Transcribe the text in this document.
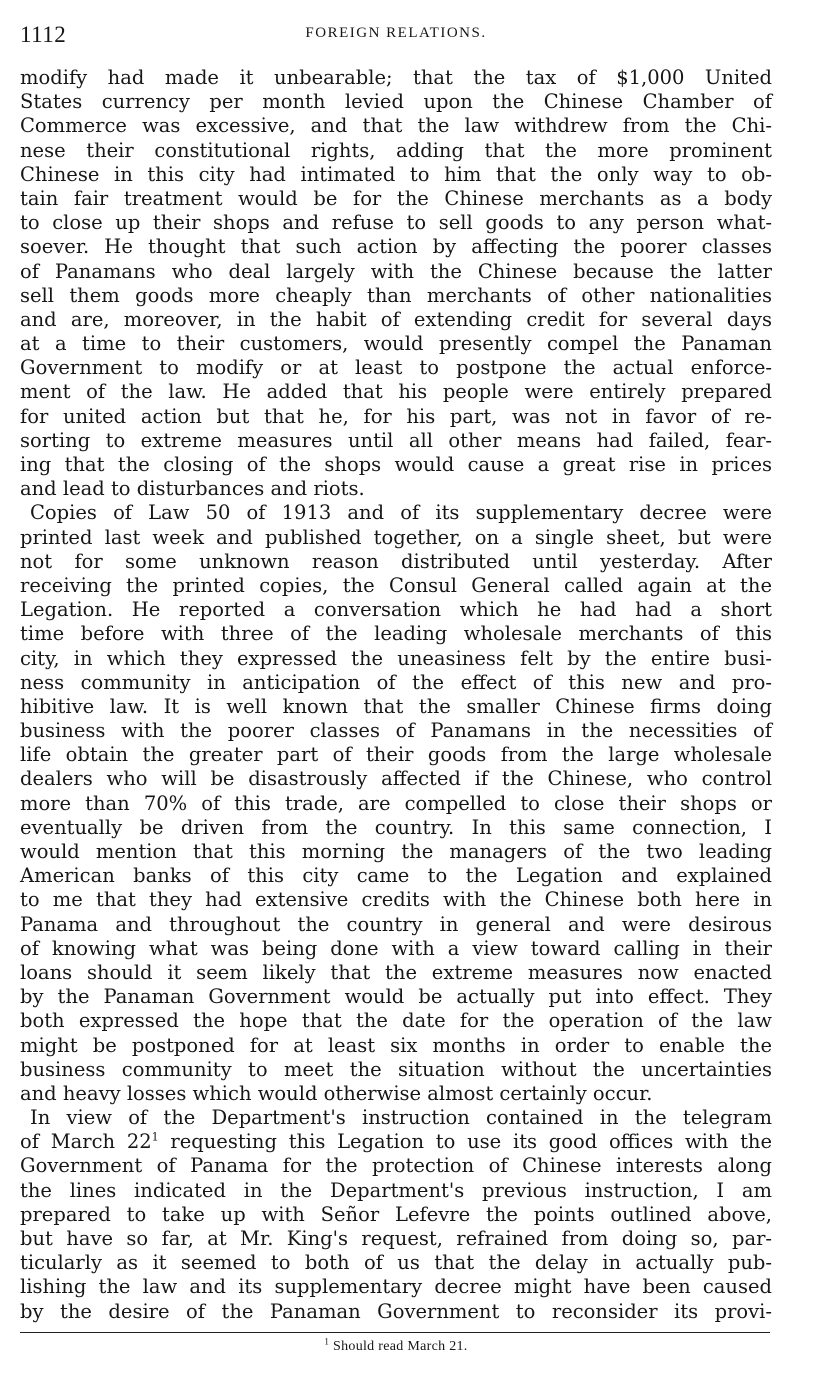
1112	FOREIGN RELATIONS.
modify had made it unbearable; that the tax of $1,000 United
States currency per month levied upon the Chinese Chamber of
Commerce was excessive, and that the law withdrew from the Chi-
nese their constitutional rights, adding that the more prominent
Chinese in this city had intimated to him that the only way to ob-
tain fair treatment would be for the Chinese merchants as a body
to close up their shops and refuse to sell goods to any person what-
soever. He thought that such action by affecting the poorer classes
of Panamans who deal largely with the Chinese because the latter
sell them goods more cheaply than merchants of other nationalities
and are, moreover, in the habit of extending credit for several days
at a time to their customers, would presently compel the Panaman
Government to modify or at least to postpone the actual enforce-
ment of the law. He added that his people were entirely prepared
for united action but that he, for his part, was not in favor of re-
sorting to extreme measures until all other means had failed, fear-
ing that the closing of the shops would cause a great rise in prices
and lead to disturbances and riots.
Copies of Law 50 of 1913 and of its supplementary decree were
printed last week and published together, on a single sheet, but were
not for some unknown reason distributed until yesterday. After
receiving the printed copies, the Consul General called again at the
Legation. He reported a conversation which he had had a short
time before with three of the leading wholesale merchants of this
city, in which they expressed the uneasiness felt by the entire busi-
ness community in anticipation of the effect of this new and pro-
hibitive law. It is well known that the smaller Chinese firms doing
business with the poorer classes of Panamans in the necessities of
life obtain the greater part of their goods from the large wholesale
dealers who will be disastrously affected if the Chinese, who control
more than 70% of this trade, are compelled to close their shops or
eventually be driven from the country. In this same connection, I
would mention that this morning the managers of the two leading
American banks of this city came to the Legation and explained
to me that they had extensive credits with the Chinese both here in
Panama and throughout the country in general and were desirous
of knowing what was being done with a view toward calling in their
loans should it seem likely that the extreme measures now enacted
by the Panaman Government would be actually put into effect. They
both expressed the hope that the date for the operation of the law
might be postponed for at least six months in order to enable the
business community to meet the situation without the uncertainties
and heavy losses which would otherwise almost certainly occur.
In view of the Department's instruction contained in the telegram
of March $22^1$ requesting this Legation to use its good offices with the
Government of Panama for the protection of Chinese interests along
the lines indicated in the Department's previous instruction, I am
prepared to take up with Señor Lefevre the points outlined above,
but have so far, at Mr. King's request, refrained from doing so, par-
ticularly as it seemed to both of us that the delay in actually pub-
lishing the law and its supplementary decree might have been caused
by the desire of the Panaman Government to reconsider its provi-
$^1$ Should read March 21.
